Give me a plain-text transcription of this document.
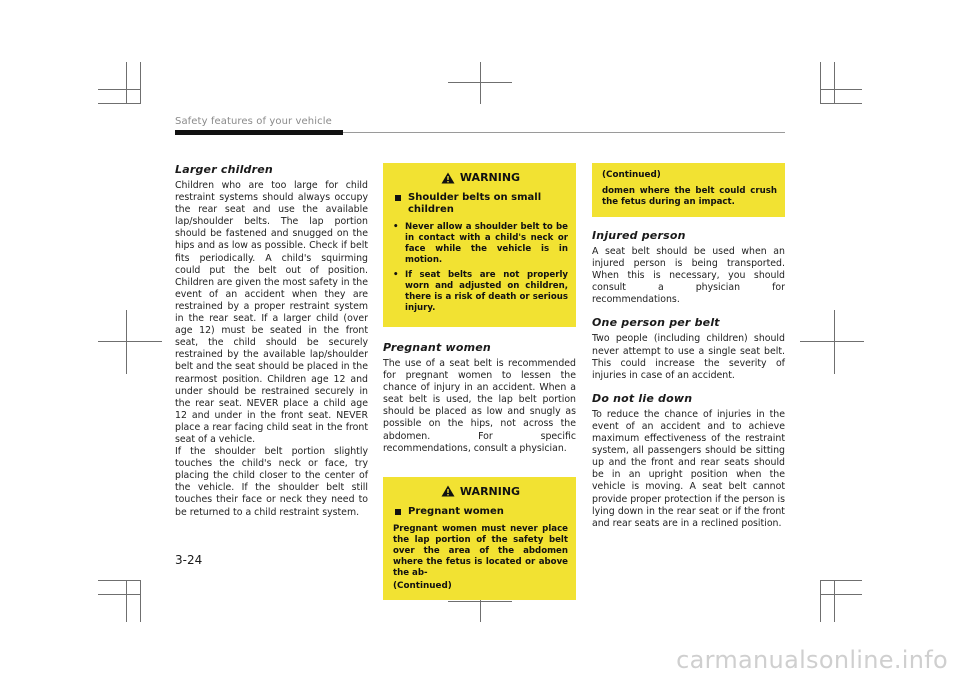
Safety features of your vehicle
Larger children

Children who are too large for child restraint systems should always occupy the rear seat and use the available lap/shoulder belts. The lap portion should be fastened and snugged on the hips and as low as possible. Check if belt fits periodically. A child's squirming could put the belt out of position. Children are given the most safety in the event of an accident when they are restrained by a proper restraint system in the rear seat. If a larger child (over age 12) must be seated in the front seat, the child should be securely restrained by the available lap/shoulder belt and the seat should be placed in the rearmost position. Children age 12 and under should be restrained securely in the rear seat. NEVER place a child age 12 and under in the front seat. NEVER place a rear facing child seat in the front seat of a vehicle.

If the shoulder belt portion slightly touches the child's neck or face, try placing the child closer to the center of the vehicle. If the shoulder belt still touches their face or neck they need to be returned to a child restraint system.

WARNING
Shoulder belts on small children
• Never allow a shoulder belt to be in contact with a child's neck or face while the vehicle is in motion.
• If seat belts are not properly worn and adjusted on children, there is a risk of death or serious injury.
Pregnant women

The use of a seat belt is recommended for pregnant women to lessen the chance of injury in an accident. When a seat belt is used, the lap belt portion should be placed as low and snugly as possible on the hips, not across the abdomen. For specific recommendations, consult a physician.

WARNING
Pregnant women
Pregnant women must never place the lap portion of the safety belt over the area of the abdomen where the fetus is located or above the ab-
(Continued)
(Continued)
domen where the belt could crush the fetus during an impact.
Injured person

A seat belt should be used when an injured person is being transported. When this is necessary, you should consult a physician for recommendations.

One person per belt

Two people (including children) should never attempt to use a single seat belt. This could increase the severity of injuries in case of an accident.

Do not lie down

To reduce the chance of injuries in the event of an accident and to achieve maximum effectiveness of the restraint system, all passengers should be sitting up and the front and rear seats should be in an upright position when the vehicle is moving. A seat belt cannot provide proper protection if the person is lying down in the rear seat or if the front and rear seats are in a reclined position.

3-24
carmanualsonline.info
